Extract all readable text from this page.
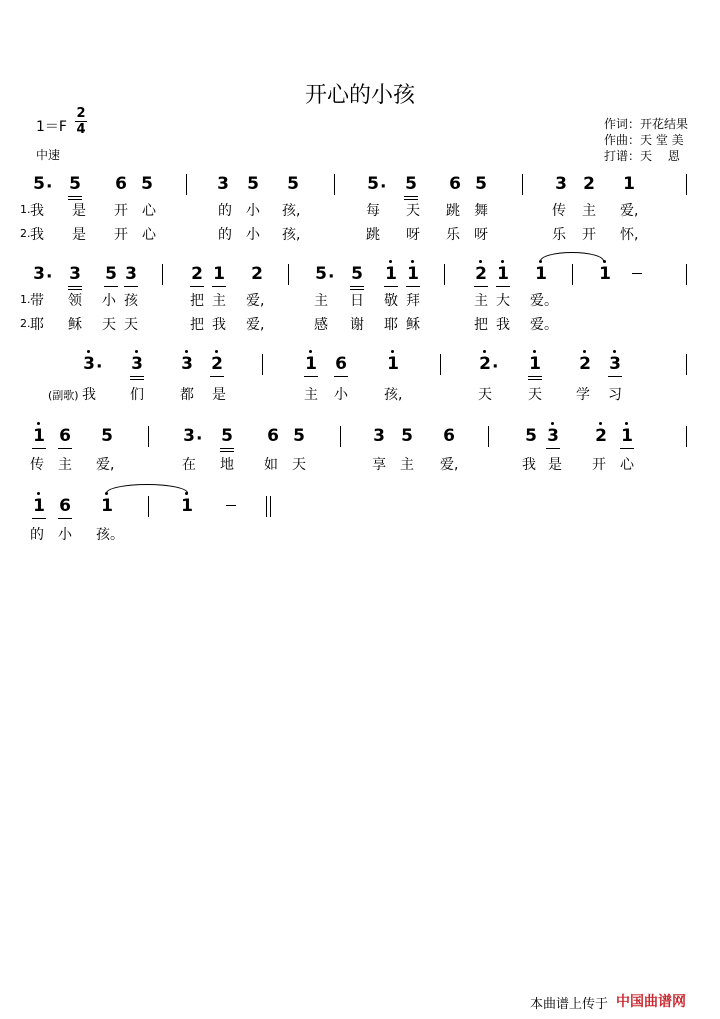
开心的小孩
1＝F
2
4
中速
作词：开花结果
作曲：天 堂 美
打谱：天　 恩
5 · 5 6 5	3 5 5	5 · 5 6 5	3 2 1
1. 我 是 开 心	的 小 孩,	每 天 跳 舞	传 主 爱,
2. 我 是 开 心	的 小 孩,	跳 呀 乐 呀	乐 开 怀,
3 · 3 5 3	2 1 2	5 · 5 1 1	2 1 1	1
1. 带 领 小 孩	把 主 爱,	主 日 敬 拜	主 大 爱。
2. 耶 稣 天 天	把 我 爱,	感 谢 耶 稣	把 我 爱。
3 · 3 3 2	1 6 1	2 · 1 2 3
(副歌) 我 们	都 是	主 小	孩,	天	天 学 习
1 6 5	3 · 5 6 5	3 5 6	5 3 2 1
传 主 爱,	在 地 如 天	享 主 爱,	我 是 开 心
1 6 1	1
的 小 孩。
本曲谱上传于 中国曲谱网
